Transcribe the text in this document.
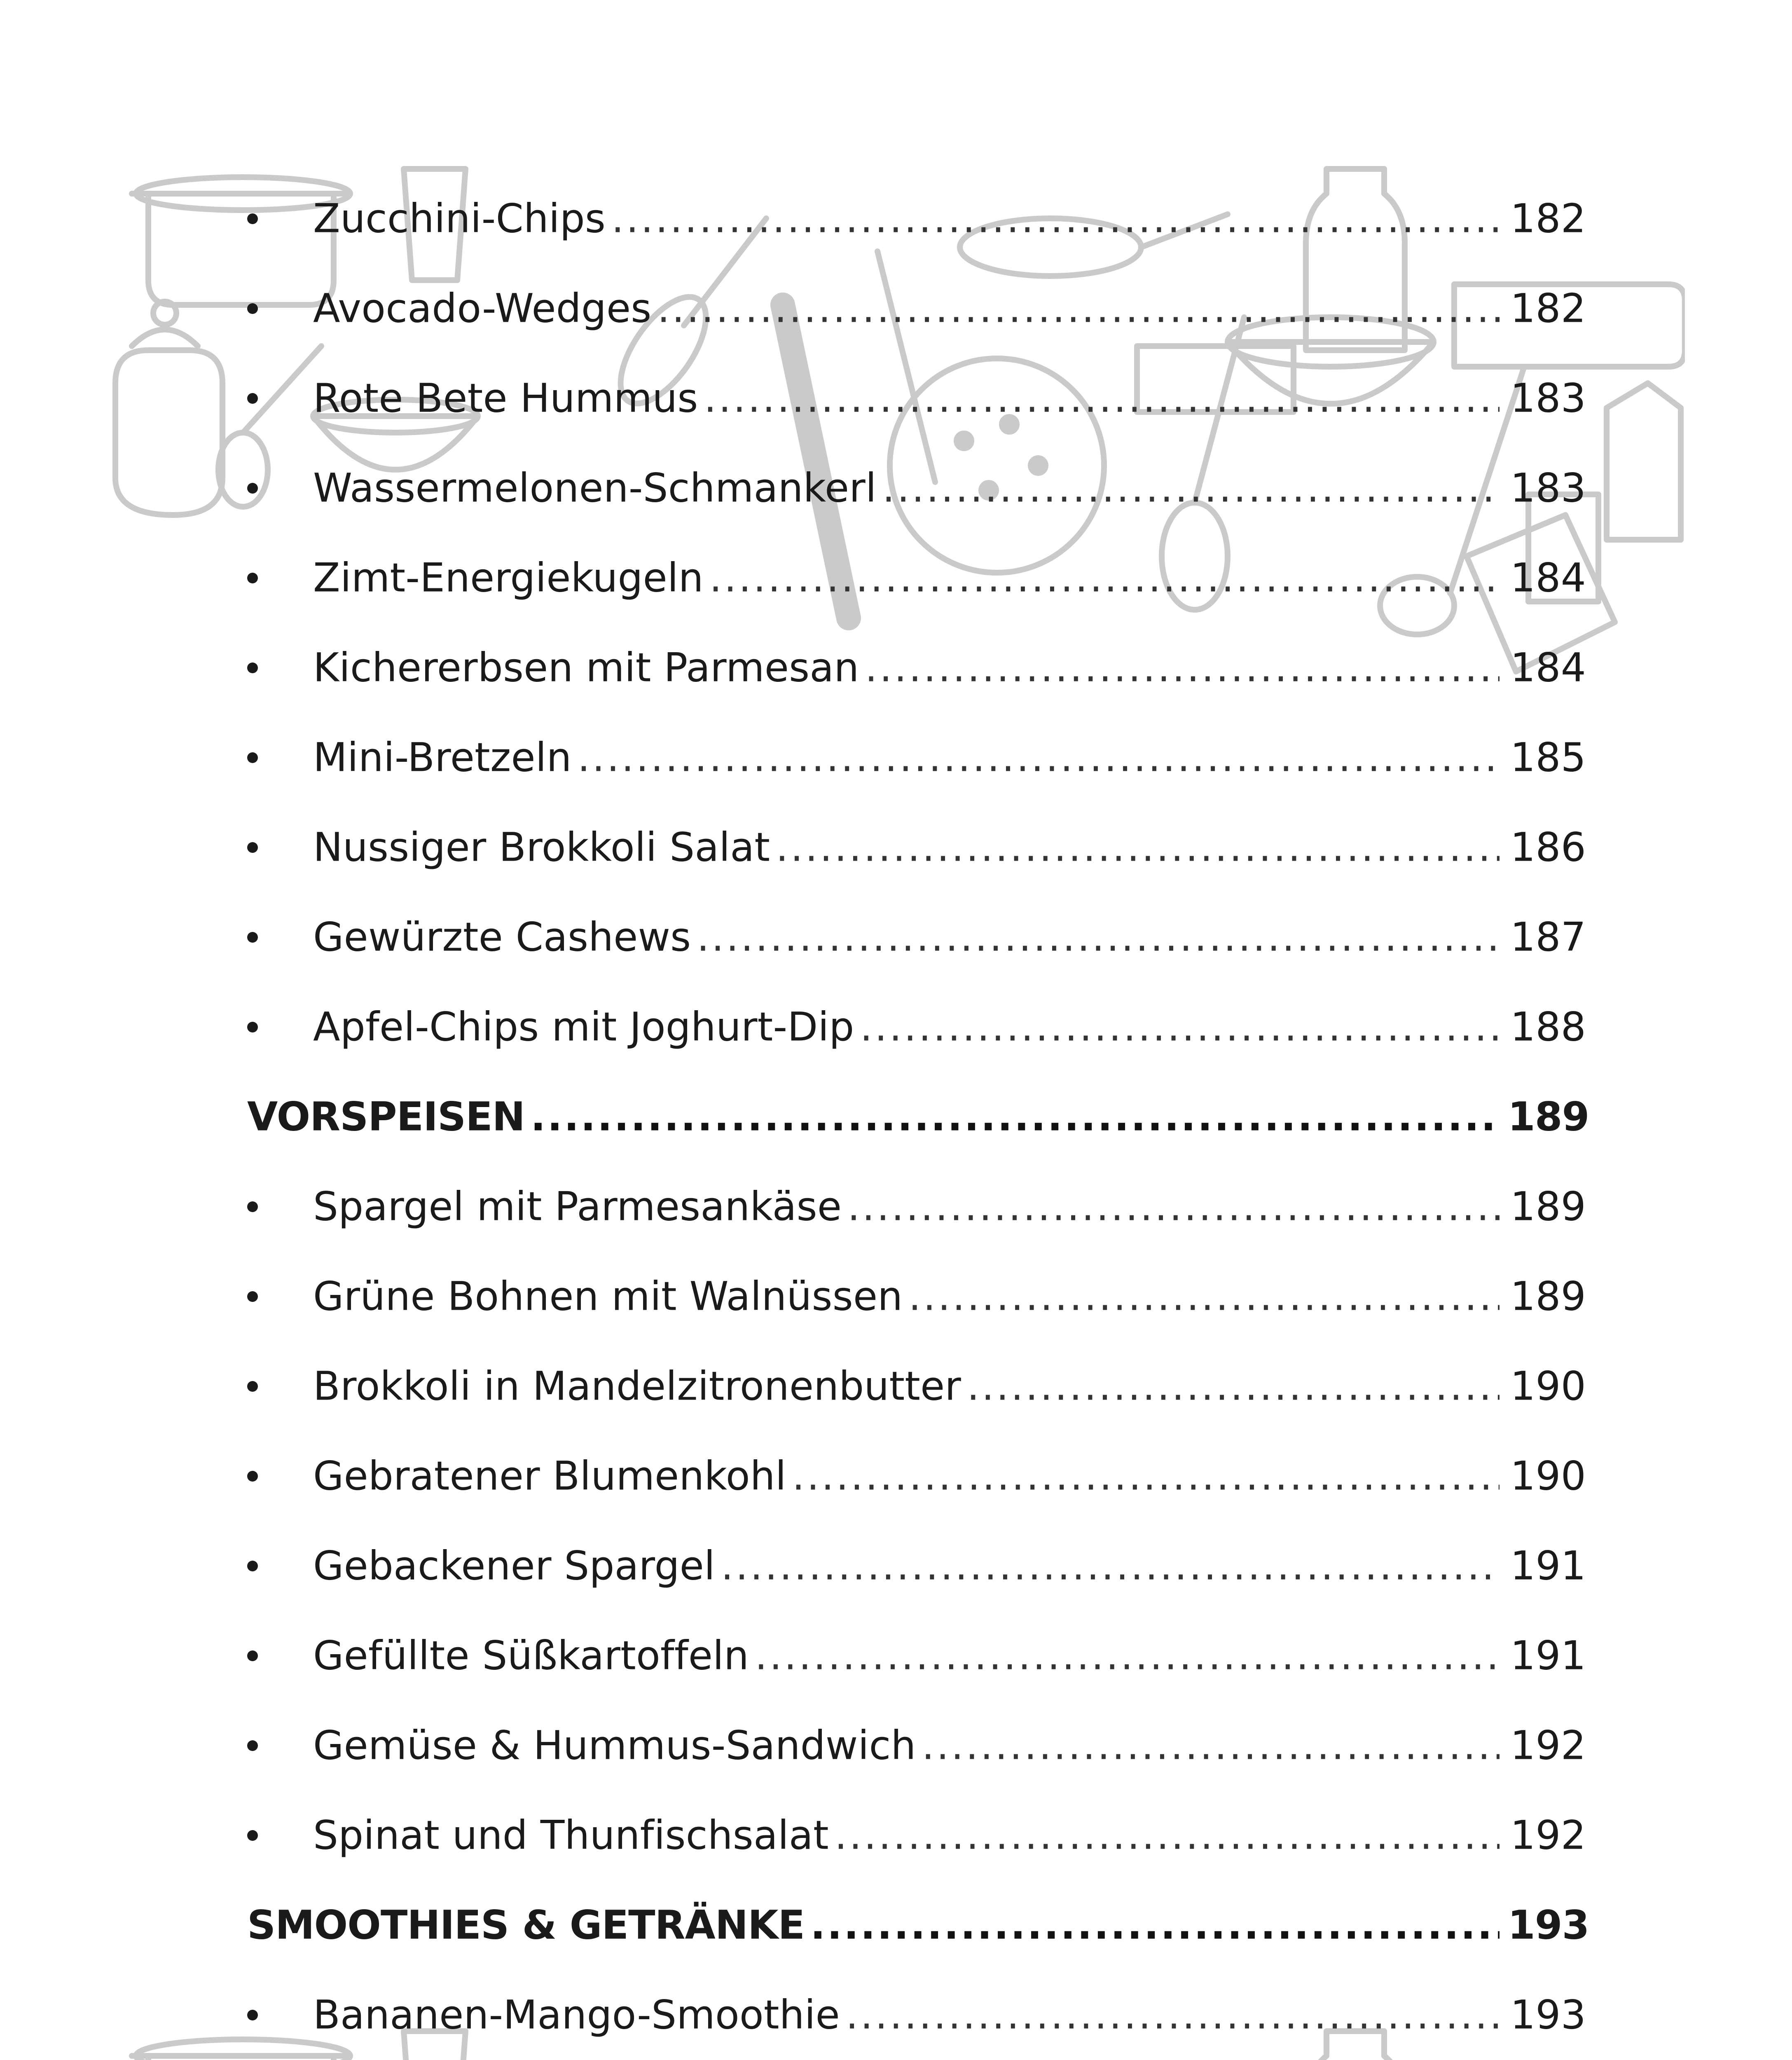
Zucchini-Chips .....	182
Avocado-Wedges .....	182
Rote Bete Hummus .....	183
Wassermelonen-Schmankerl .....	183
Zimt-Energiekugeln .....	184
Kichererbsen mit Parmesan .....	184
Mini-Bretzeln .....	185
Nussiger Brokkoli Salat .....	186
Gewürzte Cashews .....	187
Apfel-Chips mit Joghurt-Dip .....	188
VORSPEISEN .....	189
Spargel mit Parmesankäse .....	189
Grüne Bohnen mit Walnüssen .....	189
Brokkoli in Mandelzitronenbutter .....	190
Gebratener Blumenkohl .....	190
Gebackener Spargel .....	191
Gefüllte Süßkartoffeln .....	191
Gemüse & Hummus-Sandwich .....	192
Spinat und Thunfischsalat .....	192
SMOOTHIES & GETRÄNKE .....	193
Bananen-Mango-Smoothie .....	193
